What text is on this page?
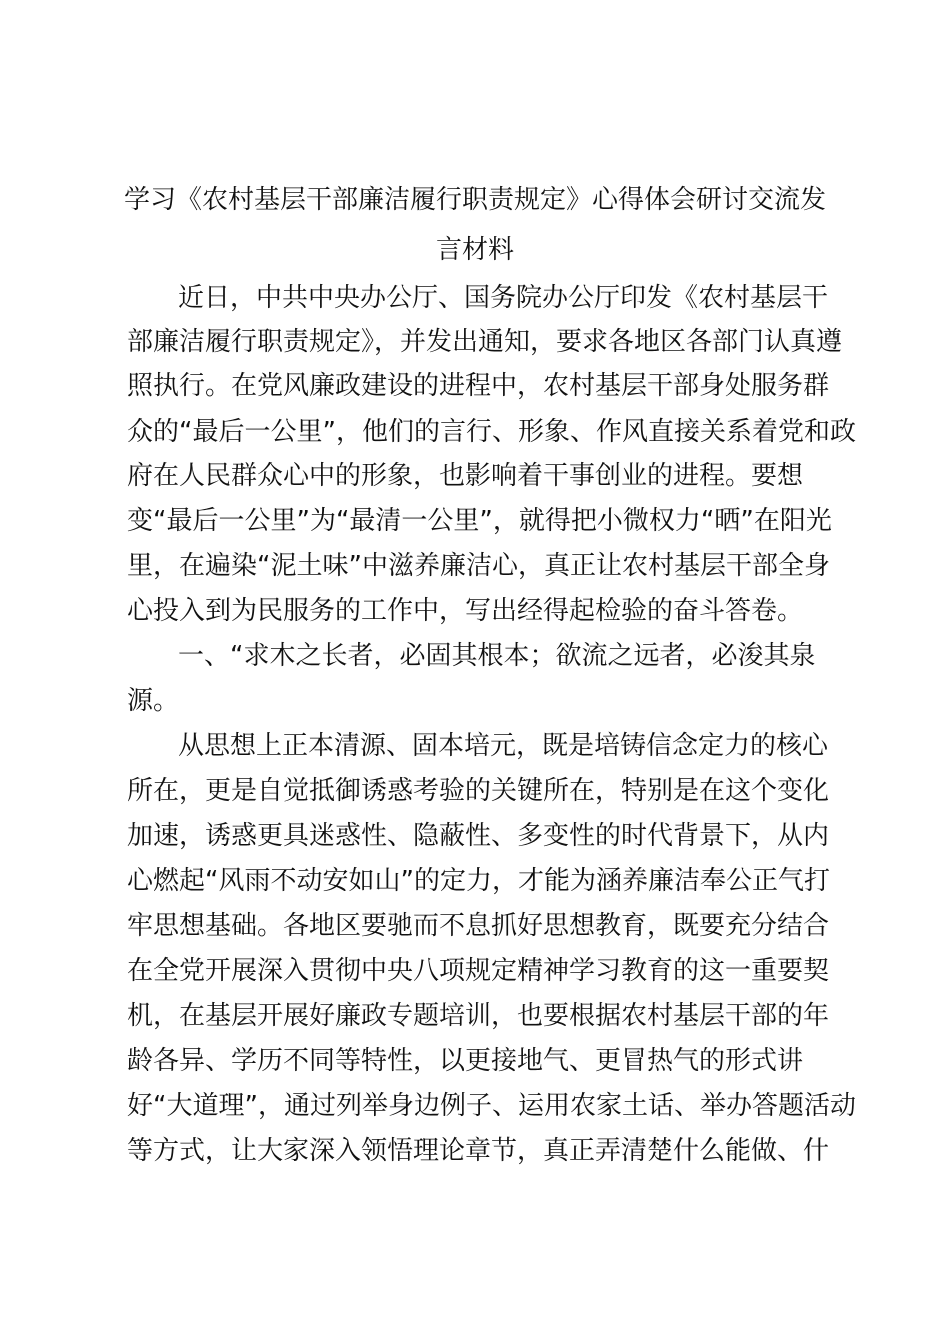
学习《农村基层干部廉洁履行职责规定》心得体会研讨交流发
言材料
近日，中共中央办公厅、国务院办公厅印发《农村基层干
部廉洁履行职责规定》，并发出通知，要求各地区各部门认真遵
照执行。在党风廉政建设的进程中，农村基层干部身处服务群
众的“最后一公里”，他们的言行、形象、作风直接关系着党和政
府在人民群众心中的形象，也影响着干事创业的进程。要想
变“最后一公里”为“最清一公里”，就得把小微权力“晒”在阳光
里，在遍染“泥土味”中滋养廉洁心，真正让农村基层干部全身
心投入到为民服务的工作中，写出经得起检验的奋斗答卷。
一、“求木之长者，必固其根本；欲流之远者，必浚其泉
源。
从思想上正本清源、固本培元，既是培铸信念定力的核心
所在，更是自觉抵御诱惑考验的关键所在，特别是在这个变化
加速，诱惑更具迷惑性、隐蔽性、多变性的时代背景下，从内
心燃起“风雨不动安如山”的定力，才能为涵养廉洁奉公正气打
牢思想基础。各地区要驰而不息抓好思想教育，既要充分结合
在全党开展深入贯彻中央八项规定精神学习教育的这一重要契
机，在基层开展好廉政专题培训，也要根据农村基层干部的年
龄各异、学历不同等特性，以更接地气、更冒热气的形式讲
好“大道理”，通过列举身边例子、运用农家土话、举办答题活动
等方式，让大家深入领悟理论章节，真正弄清楚什么能做、什
